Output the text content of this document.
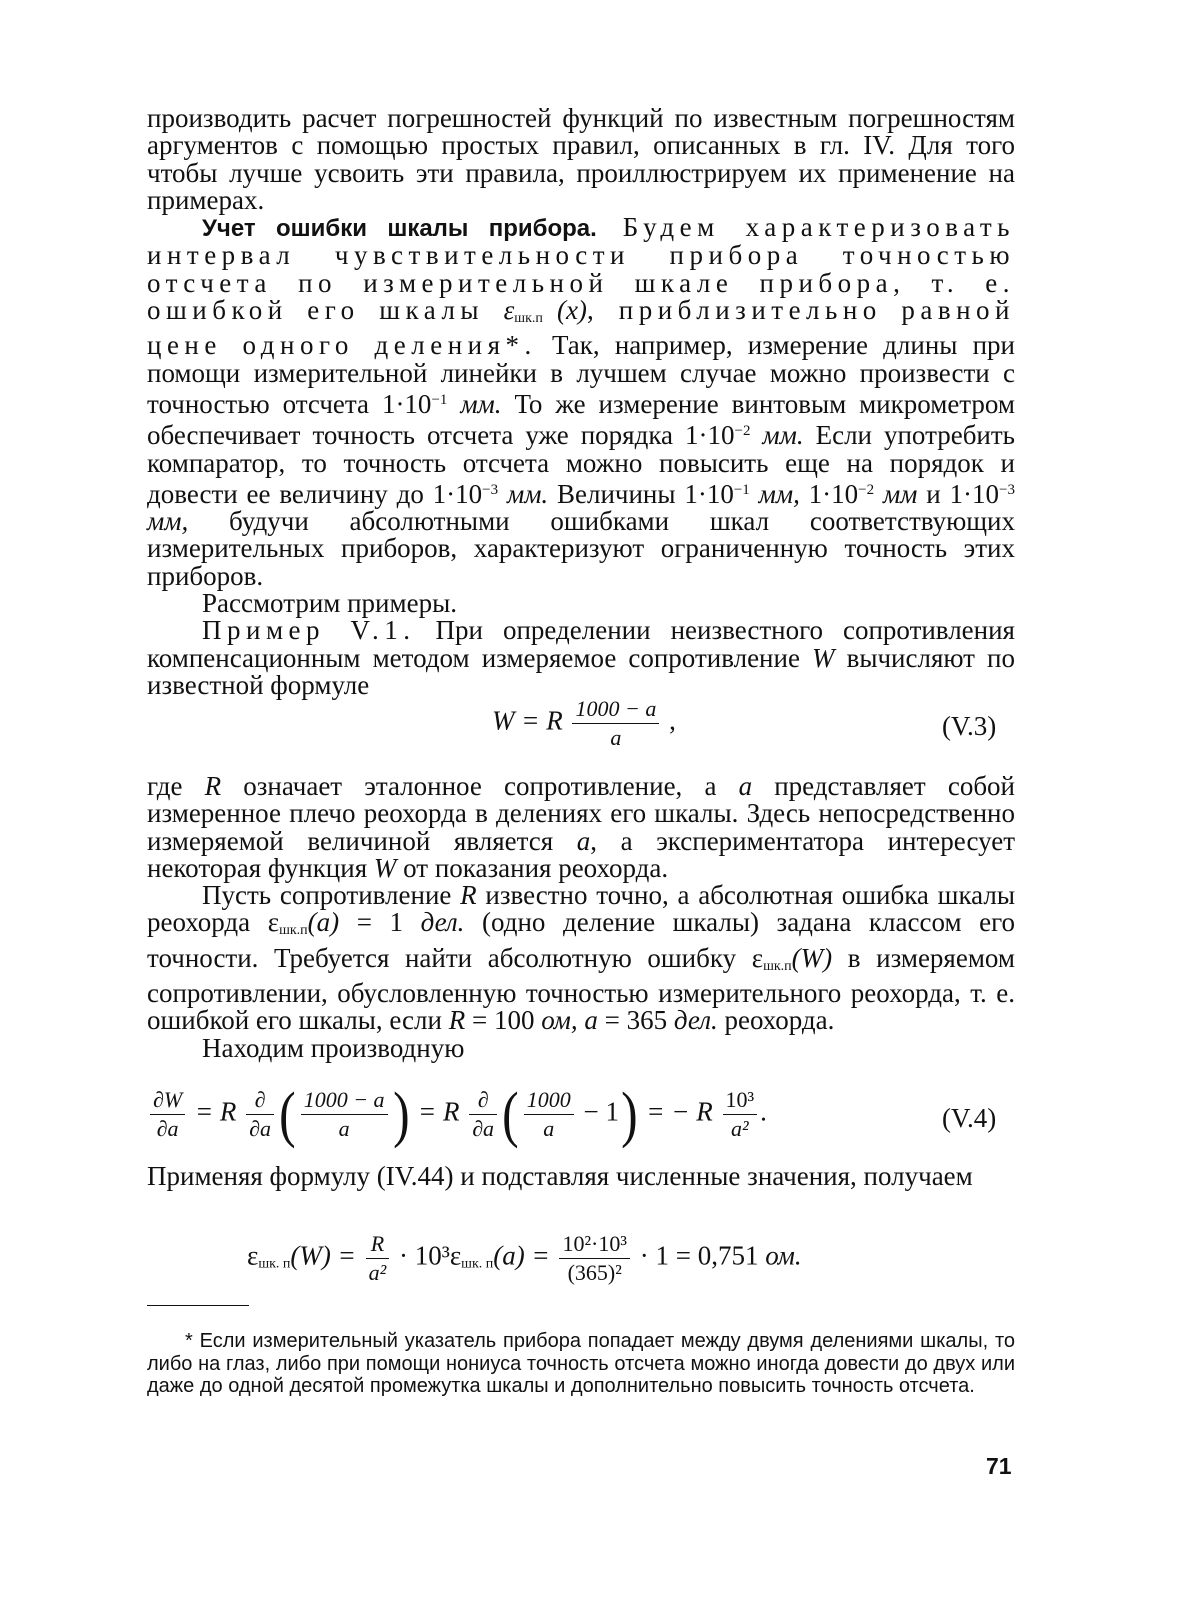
производить расчет погрешностей функций по известным погрешностям аргументов с помощью простых правил, описанных в гл. IV. Для того чтобы лучше усвоить эти правила, проиллюстрируем их применение на примерах.

Учет ошибки шкалы прибора. Будем характеризовать интервал чувствительности прибора точностью отсчета по измерительной шкале прибора, т. е. ошибкой его шкалы $\varepsilon_{шк.п}$ (x), приблизительно равной цене одного деления*. Так, например, измерение длины при помощи измерительной линейки в лучшем случае можно произвести с точностью отсчета $1\cdot 10^{-1}$ мм. То же измерение винтовым микрометром обеспечивает точность отсчета уже порядка $1\cdot 10^{-2}$ мм. Если употребить компаратор, то точность отсчета можно повысить еще на порядок и довести ее величину до $1\cdot 10^{-3}$ мм. Величины $1\cdot 10^{-1}$ мм, $1\cdot 10^{-2}$ мм и $1\cdot 10^{-3}$ мм, будучи абсолютными ошибками шкал соответствующих измерительных приборов, характеризуют ограниченную точность этих приборов.

Рассмотрим примеры.

Пример V.1. При определении неизвестного сопротивления компенсационным методом измеряемое сопротивление W вычисляют по известной формуле

W = R $\frac{1000 - a}{a}$ ,	(V.3)

где R означает эталонное сопротивление, а a представляет собой измеренное плечо реохорда в делениях его шкалы. Здесь непосредственно измеряемой величиной является a, а экспериментатора интересует некоторая функция W от показания реохорда.

Пусть сопротивление R известно точно, а абсолютная ошибка шкалы реохорда $\varepsilon_{шк.п}(a) = 1$ дел. (одно деление шкалы) задана классом его точности. Требуется найти абсолютную ошибку $\varepsilon_{шк.п}(W)$ в измеряемом сопротивлении, обусловленную точностью измерительного реохорда, т. е. ошибкой его шкалы, если R = 100 ом, a = 365 дел. реохорда.

Находим производную

$\frac{\partial W}{\partial a} = R \frac{\partial}{\partial a}$ ( $\frac{1000 - a}{a}$ ) = R $\frac{\partial}{\partial a}$ ( $\frac{1000}{a} - 1$) = − R $\frac{\text{10³}}{\text{a²}}$ .	(V.4)

Применяя формулу (IV.44) и подставляя численные значения, получаем

$\varepsilon_{шк. п}(W) = \frac{R}{\text{a²}} \cdot 10^3\varepsilon_{шк. п}(a) = \frac{\text{10²·10³}}{\text{(365)²}} \cdot 1 = 0,751$ ом.

* Если измерительный указатель прибора попадает между двумя делениями шкалы, то либо на глаз, либо при помощи нониуса точность отсчета можно иногда довести до двух или даже до одной десятой промежутка шкалы и дополнительно повысить точность отсчета.

71
